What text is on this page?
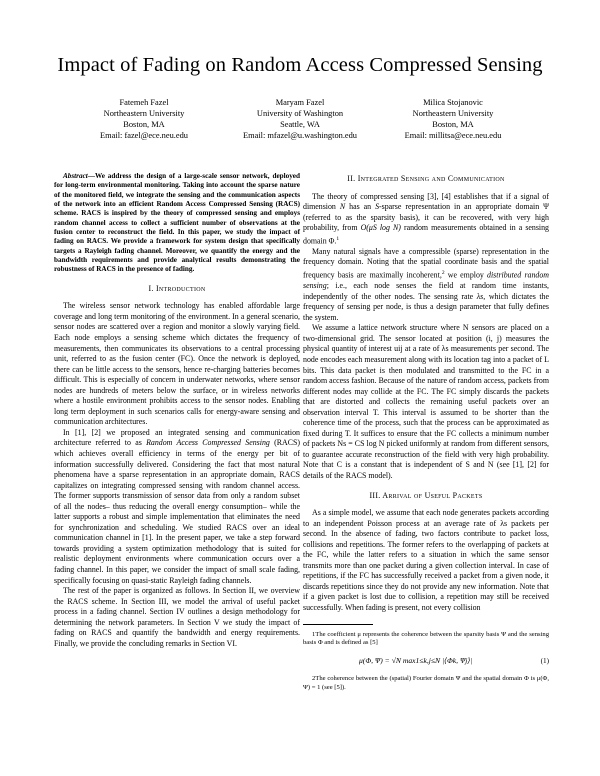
Impact of Fading on Random Access Compressed Sensing
Fatemeh Fazel
Northeastern University
Boston, MA
Email: fazel@ece.neu.edu
Maryam Fazel
University of Washington
Seattle, WA
Email: mfazel@u.washington.edu
Milica Stojanovic
Northeastern University
Boston, MA
Email: millitsa@ece.neu.edu

Abstract—We address the design of a large-scale sensor network, deployed for long-term environmental monitoring. Taking into account the sparse nature of the monitored field, we integrate the sensing and the communication aspects of the network into an efficient Random Access Compressed Sensing (RACS) scheme. RACS is inspired by the theory of compressed sensing and employs random channel access to collect a sufficient number of observations at the fusion center to reconstruct the field. In this paper, we study the impact of fading on RACS. We provide a framework for system design that specifically targets a Rayleigh fading channel. Moreover, we quantify the energy and the bandwidth requirements and provide analytical results demonstrating the robustness of RACS in the presence of fading.

I. Introduction

The wireless sensor network technology has enabled affordable large coverage and long term monitoring of the environment. In a general scenario, sensor nodes are scattered over a region and monitor a slowly varying field. Each node employs a sensing scheme which dictates the frequency of measurements, then communicates its observations to a central processing unit, referred to as the fusion center (FC). Once the network is deployed, there can be little access to the sensors, hence re-charging batteries becomes difficult. This is especially of concern in underwater networks, where sensor nodes are hundreds of meters below the surface, or in wireless networks where a hostile environment prohibits access to the sensor nodes. Enabling long term deployment in such scenarios calls for energy-aware sensing and communication architectures.

In [1], [2] we proposed an integrated sensing and communication architecture referred to as Random Access Compressed Sensing (RACS) which achieves overall efficiency in terms of the energy per bit of information successfully delivered. Considering the fact that most natural phenomena have a sparse representation in an appropriate domain, RACS capitalizes on integrating compressed sensing with random channel access. The former supports transmission of sensor data from only a random subset of all the nodes– thus reducing the overall energy consumption– while the latter supports a robust and simple implementation that eliminates the need for synchronization and scheduling. We studied RACS over an ideal communication channel in [1]. In the present paper, we take a step forward towards providing a system optimization methodology that is suited for realistic deployment environments where communication occurs over a fading channel. In this paper, we consider the impact of small scale fading, specifically focusing on quasi-static Rayleigh fading channels.

The rest of the paper is organized as follows. In Section II, we overview the RACS scheme. In Section III, we model the arrival of useful packet process in a fading channel. Section IV outlines a design methodology for determining the network parameters. In Section V we study the impact of fading on RACS and quantify the bandwidth and energy requirements. Finally, we provide the concluding remarks in Section VI.

II. Integrated Sensing and Communication

The theory of compressed sensing [3], [4] establishes that if a signal of dimension N has an S-sparse representation in an appropriate domain Ψ (referred to as the sparsity basis), it can be recovered, with very high probability, from O(μS log N) random measurements obtained in a sensing domain Φ.$^1$

Many natural signals have a compressible (sparse) representation in the frequency domain. Noting that the spatial coordinate basis and the spatial frequency basis are maximally incoherent,$^2$ we employ distributed random sensing; i.e., each node senses the field at random time instants, independently of the other nodes. The sensing rate λs, which dictates the frequency of sensing per node, is thus a design parameter that fully defines the system.

We assume a lattice network structure where N sensors are placed on a two-dimensional grid. The sensor located at position (i, j) measures the physical quantity of interest uij at a rate of λs measurements per second. The node encodes each measurement along with its location tag into a packet of L bits. This data packet is then modulated and transmitted to the FC in a random access fashion. Because of the nature of random access, packets from different nodes may collide at the FC. The FC simply discards the packets that are distorted and collects the remaining useful packets over an observation interval T. This interval is assumed to be shorter than the coherence time of the process, such that the process can be approximated as fixed during T. It suffices to ensure that the FC collects a minimum number of packets Ns = CS log N picked uniformly at random from different sensors, to guarantee accurate reconstruction of the field with very high probability. Note that C is a constant that is independent of S and N (see [1], [2] for details of the RACS model).

III. Arrival of Useful Packets

As a simple model, we assume that each node generates packets according to an independent Poisson process at an average rate of λs packets per second. In the absence of fading, two factors contribute to packet loss, collisions and repetitions. The former refers to the overlapping of packets at the FC, while the latter refers to a situation in which the same sensor transmits more than one packet during a given collection interval. In case of repetitions, if the FC has successfully received a packet from a given node, it discards repetitions since they do not provide any new information. Note that if a given packet is lost due to collision, a repetition may still be received successfully. When fading is present, not every collision

1The coefficient μ represents the coherence between the sparsity basis Ψ and the sensing basis Φ and is defined as [5]

μ(Φ, Ψ) = √N max1≤k,j≤N |⟨Φk, Ψj⟩|	(1)

2The coherence between the (spatial) Fourier domain Ψ and the spatial domain Φ is μ(Φ, Ψ) = 1 (see [5]).
